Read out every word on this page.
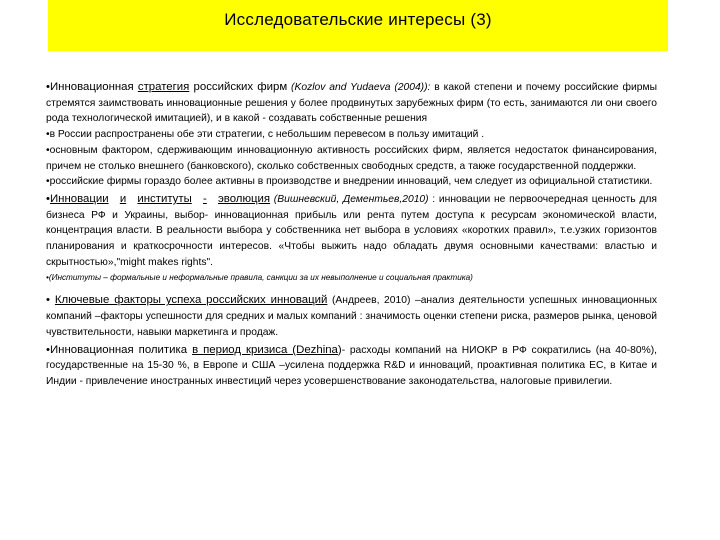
Исследовательские интересы (3)

•Инновационная стратегия российских фирм (Kozlov and Yudaeva (2004)): в какой степени и почему российские фирмы стремятся заимствовать инновационные решения у более продвинутых зарубежных фирм (то есть, занимаются ли они своего рода технологической имитацией), и в какой - создавать собственные решения

•в России распространены обе эти стратегии, с небольшим перевесом в пользу имитаций .

•основным фактором, сдерживающим инновационную активность российских фирм, является недостаток финансирования, причем не столько внешнего (банковского), сколько собственных свободных средств, а также государственной поддержки.

•российские фирмы гораздо более активны в производстве и внедрении инноваций, чем следует из официальной статистики.

•Инновации и институты - эволюция (Вишневский, Дементьев,2010) : инновации не первоочередная ценность для бизнеса РФ и Украины, выбор- инновационная прибыль или рента путем доступа к ресурсам экономической власти, концентрация власти. В реальности выбора у собственника нет выбора в условиях «коротких правил», т.е.узких горизонтов планирования и краткосрочности интересов. «Чтобы выжить надо обладать двумя основными качествами: властью и скрытностью»,"might makes rights".

•(Институты – формальные и неформальные правила, санкции за их невыполнение и социальная практика)

• Ключевые факторы успеха российских инноваций (Андреев, 2010) –анализ деятельности успешных инновационных компаний –факторы успешности для средних и малых компаний : значимость оценки степени риска, размеров рынка, ценовой чувствительности, навыки маркетинга и продаж.

•Инновационная политика в период кризиса (Dezhina)- расходы компаний на НИОКР в РФ сократились (на 40-80%), государственные на 15-30 %, в Европе и США –усилена поддержка R&D и инноваций, проактивная политика ЕС, в Китае и Индии - привлечение иностранных инвестиций через усовершенствование законодательства, налоговые привилегии.
